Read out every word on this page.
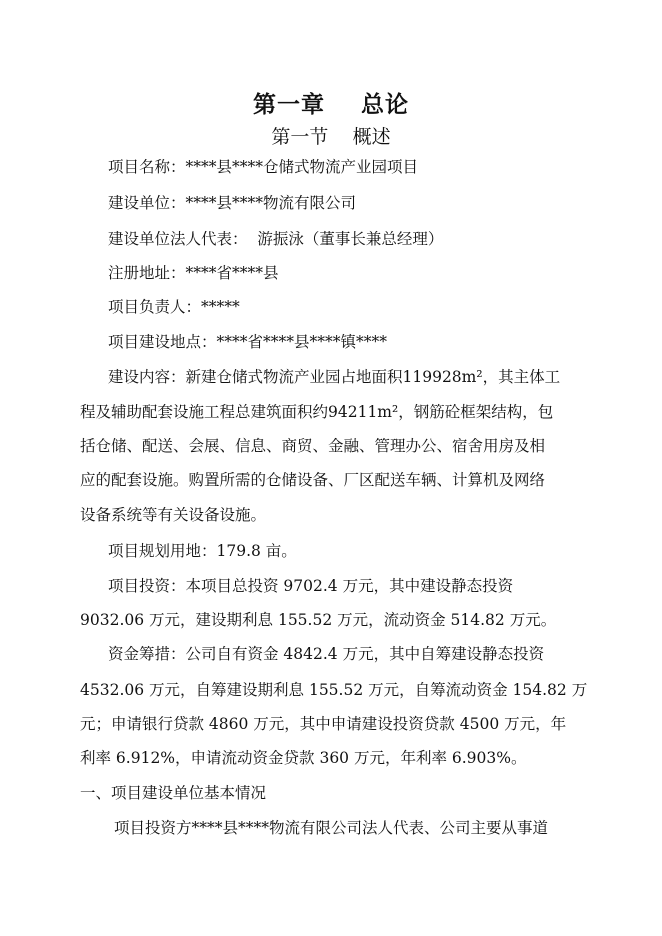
第一章    总论
第一节    概述
项目名称：****县****仓储式物流产业园项目
建设单位：****县****物流有限公司
建设单位法人代表：  游振泳（董事长兼总经理）
注册地址：****省****县
项目负责人：*****
项目建设地点：****省****县****镇****
建设内容：新建仓储式物流产业园占地面积119928m²，其主体工
程及辅助配套设施工程总建筑面积约94211m²，钢筋砼框架结构，包
括仓储、配送、会展、信息、商贸、金融、管理办公、宿舍用房及相
应的配套设施。购置所需的仓储设备、厂区配送车辆、计算机及网络
设备系统等有关设备设施。
项目规划用地：179.8 亩。
项目投资：本项目总投资 9702.4 万元，其中建设静态投资
9032.06 万元，建设期利息 155.52 万元，流动资金 514.82 万元。
资金筹措：公司自有资金 4842.4 万元，其中自筹建设静态投资
4532.06 万元，自筹建设期利息 155.52 万元，自筹流动资金 154.82 万
元；申请银行贷款 4860 万元，其中申请建设投资贷款 4500 万元，年
利率 6.912%，申请流动资金贷款 360 万元，年利率 6.903%。
一、项目建设单位基本情况
项目投资方****县****物流有限公司法人代表、公司主要从事道
